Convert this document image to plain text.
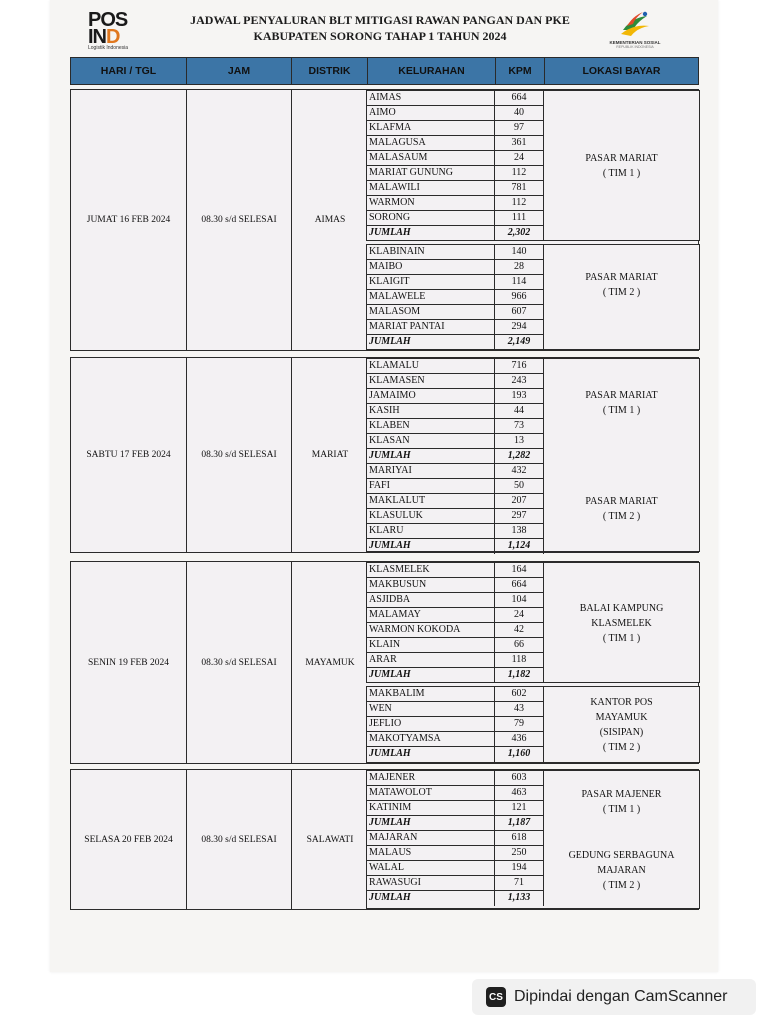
POS
IND
Logistik Indonesia
JADWAL PENYALURAN BLT MITIGASI RAWAN PANGAN DAN PKE
KABUPATEN SORONG TAHAP 1 TAHUN 2024	KEMENTERIAN SOSIAL
REPUBLIK INDONESIA
HARI / TGL	JAM	DISTRIK	KELURAHAN	KPM	LOKASI BAYAR
JUMAT 16 FEB 2024	08.30 s/d SELESAI	AIMAS
AIMAS	664
AIMO	40
KLAFMA	97
MALAGUSA	361
MALASAUM	24
MARIAT GUNUNG	112
MALAWILI	781
WARMON	112
SORONG	111
JUMLAH	2,302
PASAR MARIAT
( TIM 1 )
KLABINAIN	140
MAIBO	28
KLAIGIT	114
MALAWELE	966
MALASOM	607
MARIAT PANTAI	294
JUMLAH	2,149
PASAR MARIAT
( TIM 2 )
SABTU 17 FEB 2024	08.30 s/d SELESAI	MARIAT
KLAMALU	716
KLAMASEN	243
JAMAIMO	193
KASIH	44
KLABEN	73
KLASAN	13
JUMLAH	1,282
MARIYAI	432
FAFI	50
MAKLALUT	207
KLASULUK	297
KLARU	138
JUMLAH	1,124
PASAR MARIAT
( TIM 1 )
PASAR MARIAT
( TIM 2 )
SENIN 19 FEB 2024	08.30 s/d SELESAI	MAYAMUK
KLASMELEK	164
MAKBUSUN	664
ASJIDBA	104
MALAMAY	24
WARMON KOKODA	42
KLAIN	66
ARAR	118
JUMLAH	1,182
BALAI KAMPUNG
KLASMELEK
( TIM 1 )
MAKBALIM	602
WEN	43
JEFLIO	79
MAKOTYAMSA	436
JUMLAH	1,160
KANTOR POS
MAYAMUK
(SISIPAN)
( TIM 2 )
SELASA 20 FEB 2024	08.30 s/d SELESAI	SALAWATI
MAJENER	603
MATAWOLOT	463
KATINIM	121
JUMLAH	1,187
MAJARAN	618
MALAUS	250
WALAL	194
RAWASUGI	71
JUMLAH	1,133
PASAR MAJENER
( TIM 1 )
GEDUNG SERBAGUNA
MAJARAN
( TIM 2 )
CS Dipindai dengan CamScanner
